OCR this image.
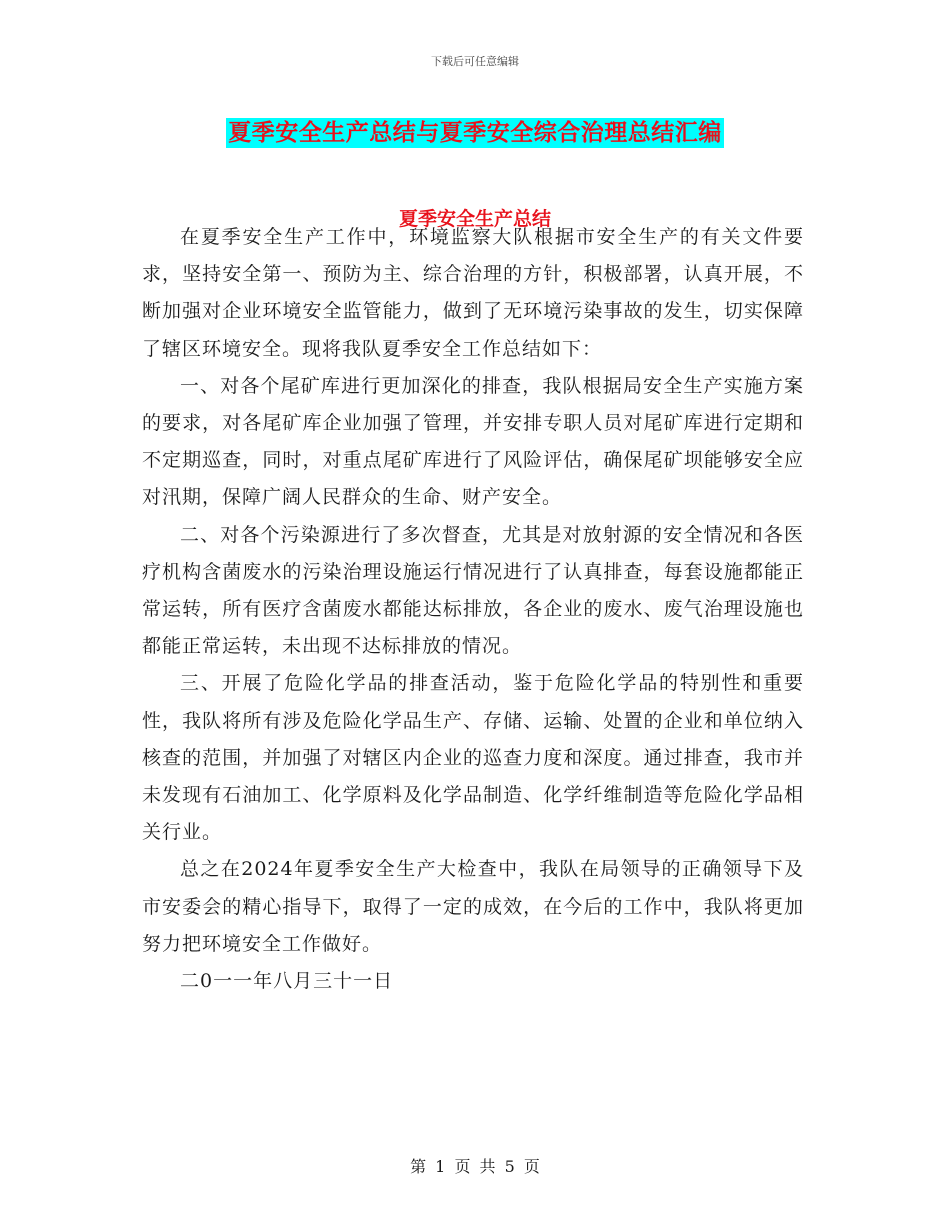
下载后可任意编辑
夏季安全生产总结与夏季安全综合治理总结汇编
夏季安全生产总结

在夏季安全生产工作中，环境监察大队根据市安全生产的有关文件要求，坚持安全第一、预防为主、综合治理的方针，积极部署，认真开展，不断加强对企业环境安全监管能力，做到了无环境污染事故的发生，切实保障了辖区环境安全。现将我队夏季安全工作总结如下：

一、对各个尾矿库进行更加深化的排查，我队根据局安全生产实施方案的要求，对各尾矿库企业加强了管理，并安排专职人员对尾矿库进行定期和不定期巡查，同时，对重点尾矿库进行了风险评估，确保尾矿坝能够安全应对汛期，保障广阔人民群众的生命、财产安全。

二、对各个污染源进行了多次督查，尤其是对放射源的安全情况和各医疗机构含菌废水的污染治理设施运行情况进行了认真排查，每套设施都能正常运转，所有医疗含菌废水都能达标排放，各企业的废水、废气治理设施也都能正常运转，未出现不达标排放的情况。

三、开展了危险化学品的排查活动，鉴于危险化学品的特别性和重要性，我队将所有涉及危险化学品生产、存储、运输、处置的企业和单位纳入核查的范围，并加强了对辖区内企业的巡查力度和深度。通过排查，我市并未发现有石油加工、化学原料及化学品制造、化学纤维制造等危险化学品相关行业。

总之在2024年夏季安全生产大检查中，我队在局领导的正确领导下及市安委会的精心指导下，取得了一定的成效，在今后的工作中，我队将更加努力把环境安全工作做好。

二0一一年八月三十一日

第 1 页 共 5 页
